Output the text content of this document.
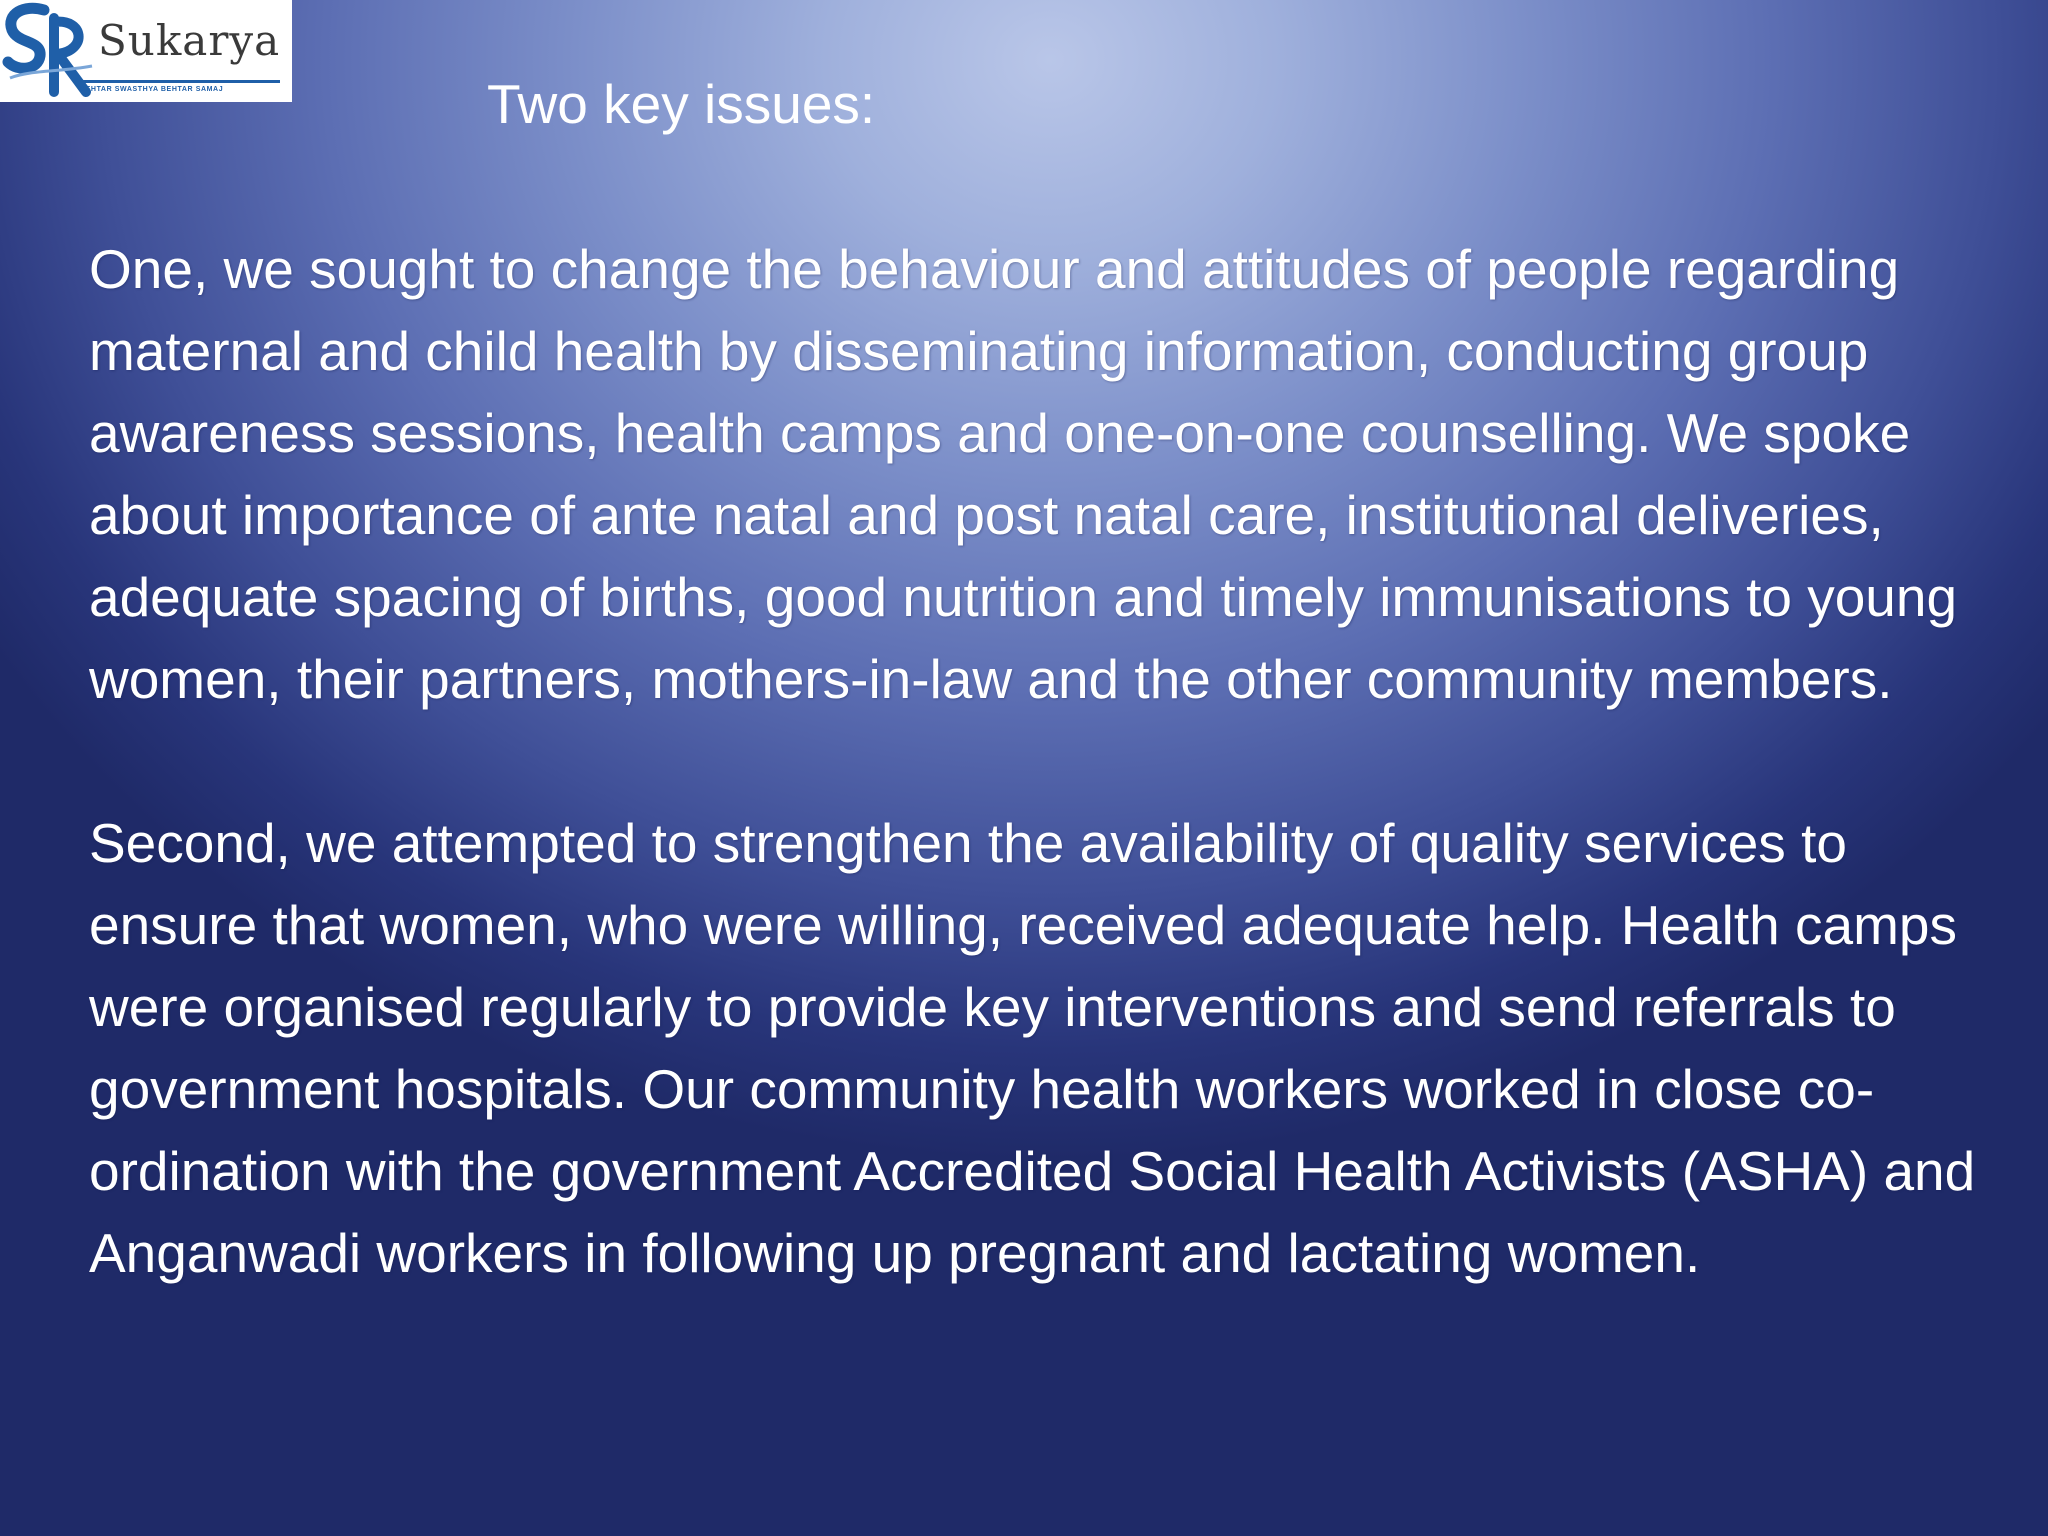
Sukarya
BEHTAR SWASTHYA BEHTAR SAMAJ	Two key issues:

One, we sought to change the behaviour and attitudes of people regarding maternal and child health by disseminating information, conducting group awareness sessions, health camps and one-on-one counselling. We spoke about importance of ante natal and post natal care, institutional deliveries, adequate spacing of births, good nutrition and timely immunisations to young women, their partners, mothers-in-law and the other community members.

Second, we attempted to strengthen the availability of quality services to ensure that women, who were willing, received adequate help. Health camps were organised regularly to provide key interventions and send referrals to government hospitals. Our community health workers worked in close co-ordination with the government Accredited Social Health Activists (ASHA) and Anganwadi workers in following up pregnant and lactating women.
